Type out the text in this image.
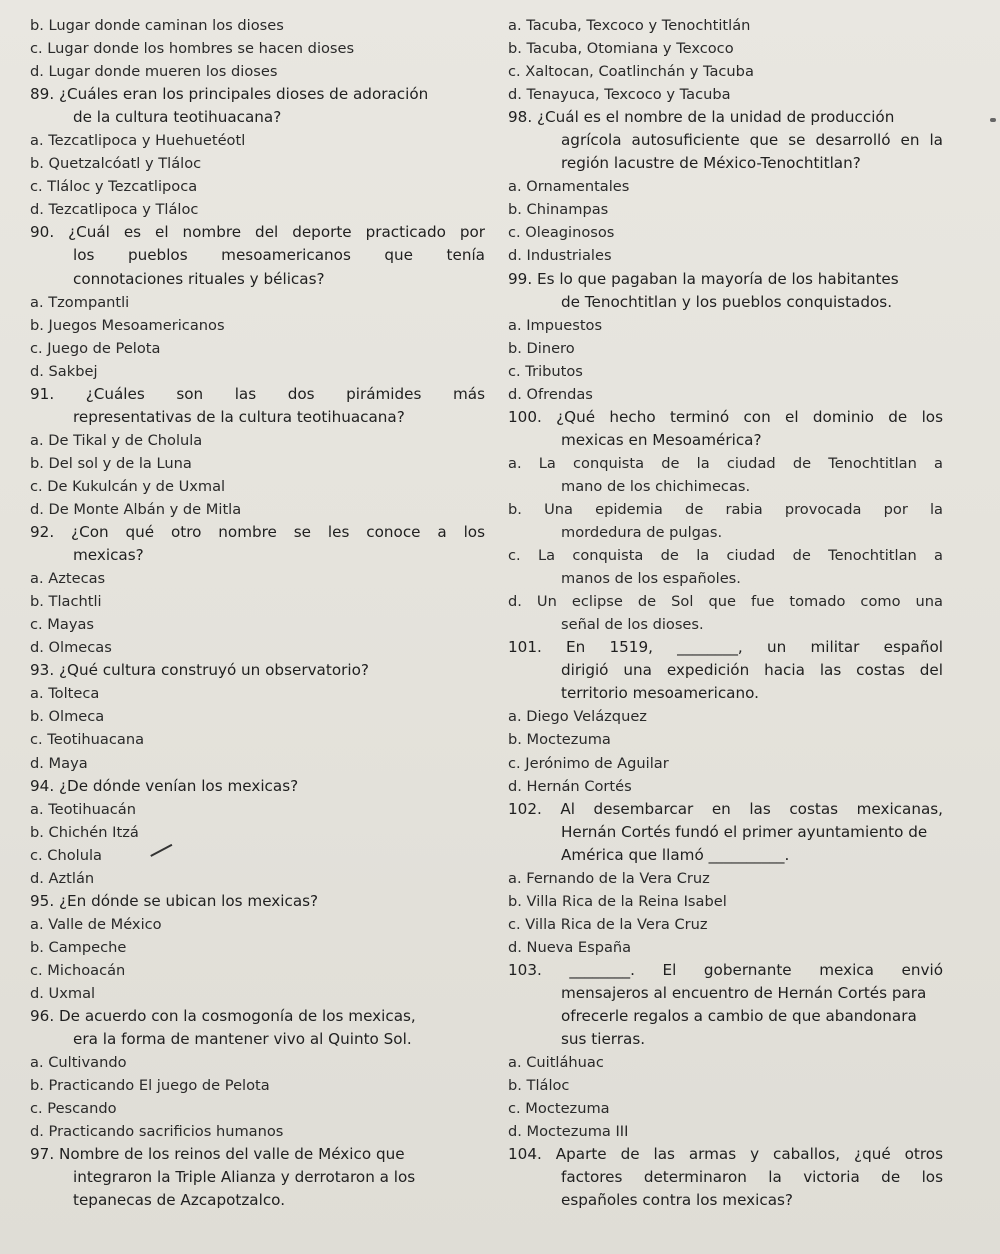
b. Lugar donde caminan los dioses
c. Lugar donde los hombres se hacen dioses
d. Lugar donde mueren los dioses
89. ¿Cuáles eran los principales dioses de adoración
de la cultura teotihuacana?
a. Tezcatlipoca y Huehuetéotl
b. Quetzalcóatl y Tláloc
c. Tláloc y Tezcatlipoca
d. Tezcatlipoca y Tláloc
90. ¿Cuál es el nombre del deporte practicado por
los pueblos mesoamericanos que tenía
connotaciones rituales y bélicas?
a. Tzompantli
b. Juegos Mesoamericanos
c. Juego de Pelota
d. Sakbej
91. ¿Cuáles son las dos pirámides más
representativas de la cultura teotihuacana?
a. De Tikal y de Cholula
b. Del sol y de la Luna
c. De Kukulcán y de Uxmal
d. De Monte Albán y de Mitla
92. ¿Con qué otro nombre se les conoce a los
mexicas?
a. Aztecas
b. Tlachtli
c. Mayas
d. Olmecas
93. ¿Qué cultura construyó un observatorio?
a. Tolteca
b. Olmeca
c. Teotihuacana
d. Maya
94. ¿De dónde venían los mexicas?
a. Teotihuacán
b. Chichén Itzá
c. Cholula
d. Aztlán
95. ¿En dónde se ubican los mexicas?
a. Valle de México
b. Campeche
c. Michoacán
d. Uxmal
96. De acuerdo con la cosmogonía de los mexicas,
era la forma de mantener vivo al Quinto Sol.
a. Cultivando
b. Practicando El juego de Pelota
c. Pescando
d. Practicando sacrificios humanos
97. Nombre de los reinos del valle de México que
integraron la Triple Alianza y derrotaron a los
tepanecas de Azcapotzalco.
a. Tacuba, Texcoco y Tenochtitlán
b. Tacuba, Otomiana y Texcoco
c. Xaltocan, Coatlinchán y Tacuba
d. Tenayuca, Texcoco y Tacuba
98. ¿Cuál es el nombre de la unidad de producción
agrícola autosuficiente que se desarrolló en la
región lacustre de México-Tenochtitlan?
a. Ornamentales
b. Chinampas
c. Oleaginosos
d. Industriales
99. Es lo que pagaban la mayoría de los habitantes
de Tenochtitlan y los pueblos conquistados.
a. Impuestos
b. Dinero
c. Tributos
d. Ofrendas
100. ¿Qué hecho terminó con el dominio de los
mexicas en Mesoamérica?
a. La conquista de la ciudad de Tenochtitlan a
mano de los chichimecas.
b. Una epidemia de rabia provocada por la
mordedura de pulgas.
c. La conquista de la ciudad de Tenochtitlan a
manos de los españoles.
d. Un eclipse de Sol que fue tomado como una
señal de los dioses.
101. En 1519, ________, un militar español
dirigió una expedición hacia las costas del
territorio mesoamericano.
a. Diego Velázquez
b. Moctezuma
c. Jerónimo de Aguilar
d. Hernán Cortés
102. Al desembarcar en las costas mexicanas,
Hernán Cortés fundó el primer ayuntamiento de
América que llamó __________.
a. Fernando de la Vera Cruz
b. Villa Rica de la Reina Isabel
c. Villa Rica de la Vera Cruz
d. Nueva España
103. ________. El gobernante mexica envió
mensajeros al encuentro de Hernán Cortés para
ofrecerle regalos a cambio de que abandonara
sus tierras.
a. Cuitláhuac
b. Tláloc
c. Moctezuma
d. Moctezuma III
104. Aparte de las armas y caballos, ¿qué otros
factores determinaron la victoria de los
españoles contra los mexicas?
